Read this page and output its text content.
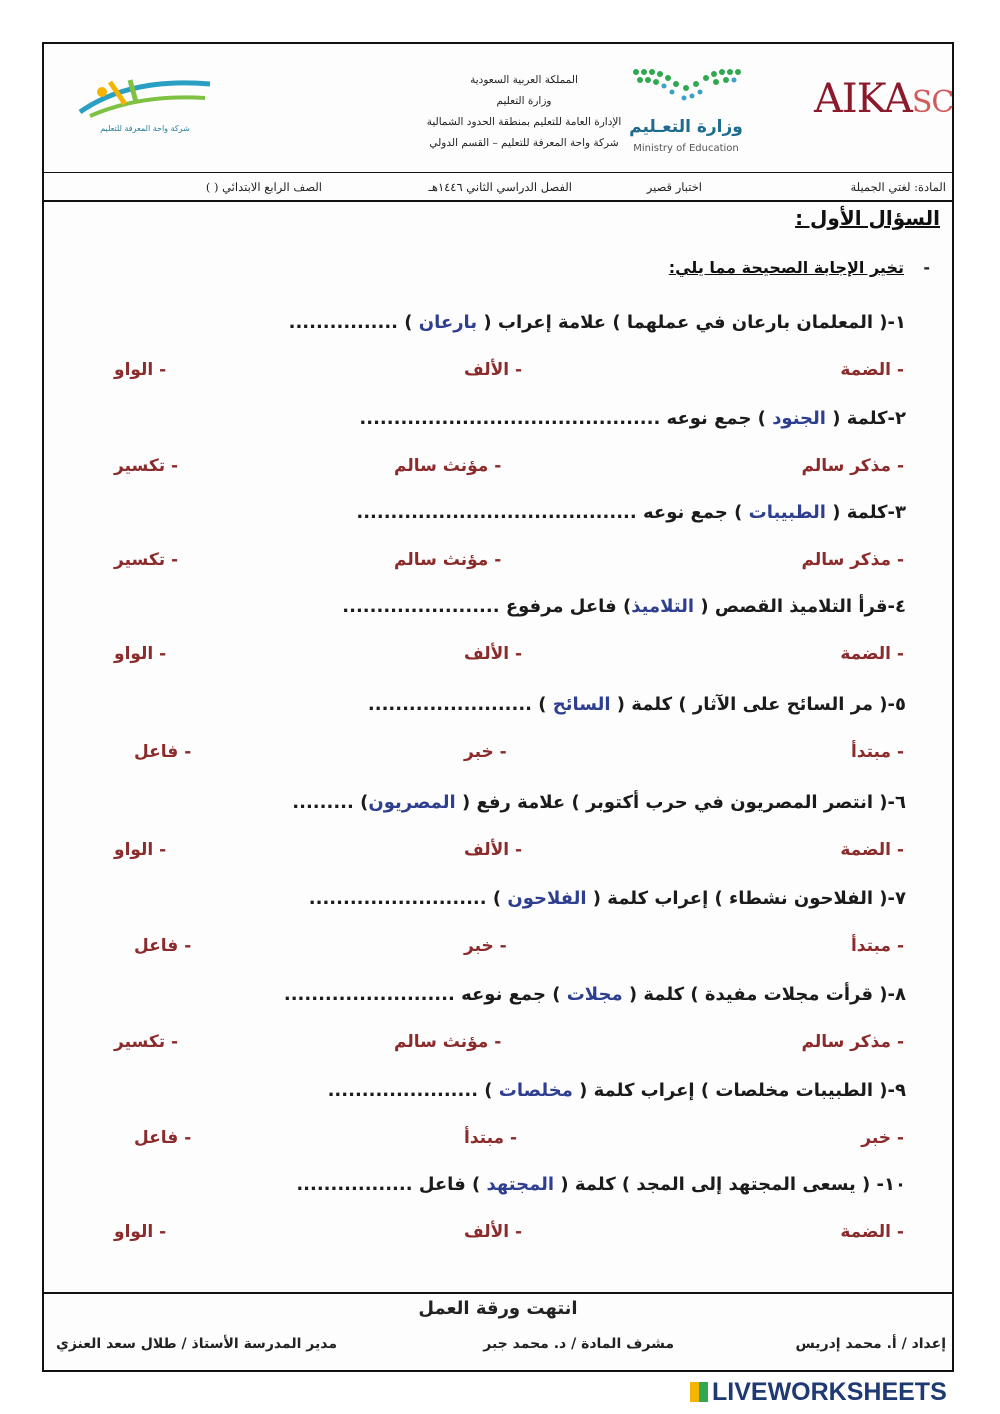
شركة واحة المعرفة للتعليم
المملكة العربية السعودية
وزارة التعليم
الإدارة العامة للتعليم بمنطقة الحدود الشمالية
شركة واحة المعرفة للتعليم – القسم الدولي
وزارة التعـليم
Ministry of Education
AIKASC
المادة: لغتي الجميلة
اختبار قصير
الفصل الدراسي الثاني ١٤٤٦هـ
الصف الرابع الابتدائي ( )
السؤال الأول :
-
تخير الإجابة الصحيحة مما يلي:
انتهت ورقة العمل
إعداد / أ. محمد إدريس
مشرف المادة / د. محمد جبر
مدير المدرسة الأستاذ / طلال سعد العنزي
١-( المعلمان بارعان في عملهما ) علامة إعراب ( بارعان ) ................
- الضمة
- الألف
- الواو
٢-كلمة ( الجنود ) جمع نوعه ............................................
- مذكر سالم
- مؤنث سالم
- تكسير
٣-كلمة ( الطبيبات ) جمع نوعه .........................................
- مذكر سالم
- مؤنث سالم
- تكسير
٤-قرأ التلاميذ القصص ( التلاميذ) فاعل مرفوع .......................
- الضمة
- الألف
- الواو
٥-( مر السائح على الآثار ) كلمة ( السائح ) ........................
- مبتدأ
- خبر
- فاعل
٦-( انتصر المصريون في حرب أكتوبر ) علامة رفع ( المصريون) .........
- الضمة
- الألف
- الواو
٧-( الفلاحون نشطاء ) إعراب كلمة ( الفلاحون ) ..........................
- مبتدأ
- خبر
- فاعل
٨-( قرأت مجلات مفيدة ) كلمة ( مجلات ) جمع نوعه .........................
- مذكر سالم
- مؤنث سالم
- تكسير
٩-( الطبيبات مخلصات ) إعراب كلمة ( مخلصات ) ......................
- خبر
- مبتدأ
- فاعل
١٠- ( يسعى المجتهد إلى المجد ) كلمة ( المجتهد ) فاعل .................
- الضمة
- الألف
- الواو
LIVEWORKSHEETS
